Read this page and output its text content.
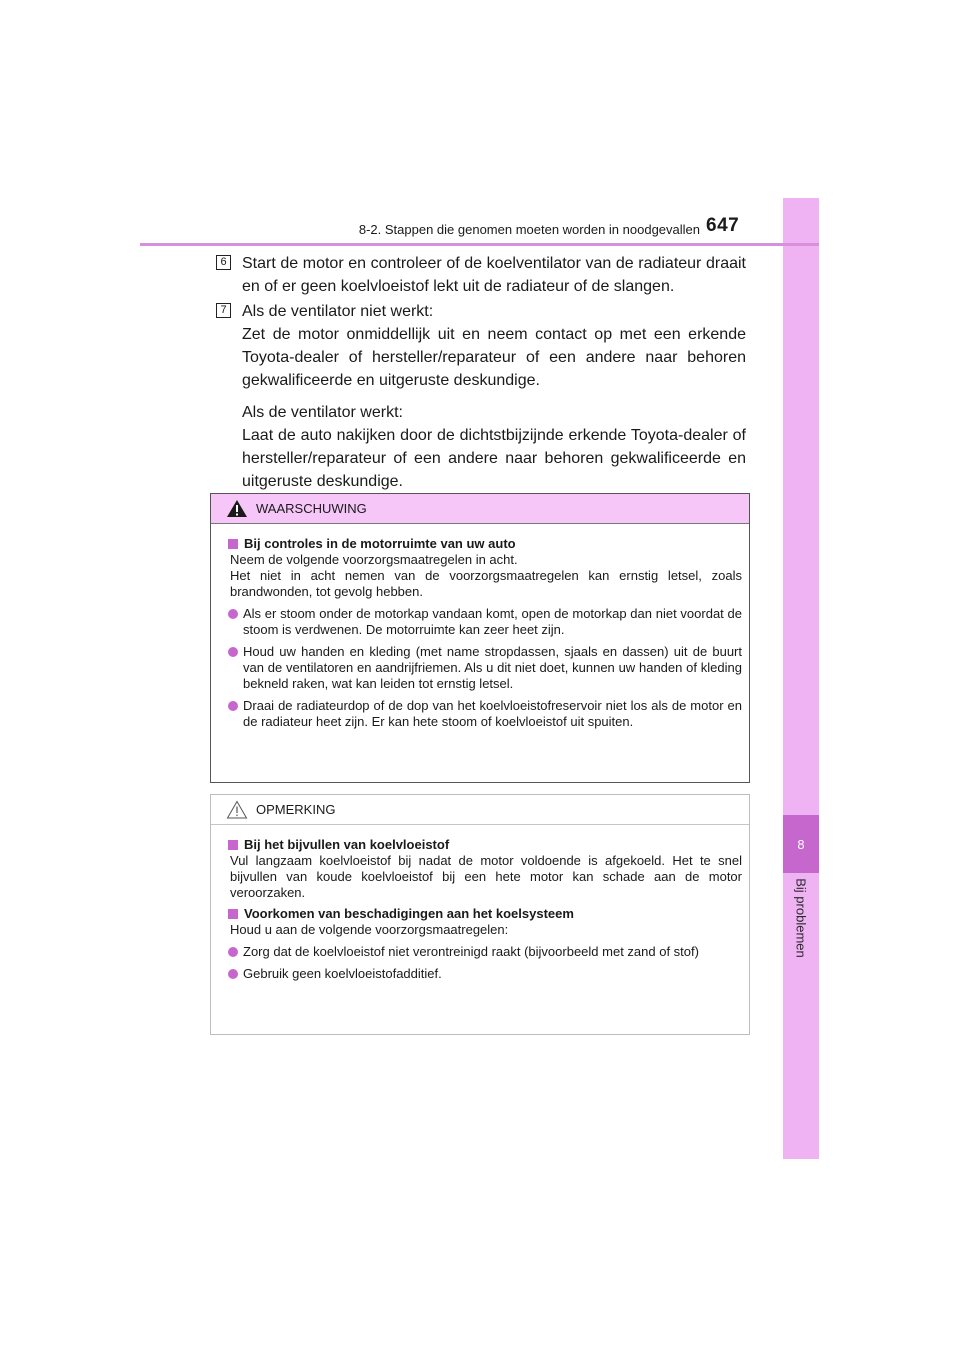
8
Bij problemen
8-2. Stappen die genomen moeten worden in noodgevallen 647
6 Start de motor en controleer of de koelventilator van de radiateur draait en of er geen koelvloeistof lekt uit de radiateur of de slangen.

7 Als de ventilator niet werkt:

Zet de motor onmiddellijk uit en neem contact op met een erkende Toyota-dealer of hersteller/reparateur of een andere naar behoren gekwalificeerde en uitgeruste deskundige.

Als de ventilator werkt:

Laat de auto nakijken door de dichtstbijzijnde erkende Toyota-dealer of hersteller/reparateur of een andere naar behoren gekwalificeerde en uitgeruste deskundige.

WAARSCHUWING
Bij controles in de motorruimte van uw auto
Neem de volgende voorzorgsmaatregelen in acht.
Het niet in acht nemen van de voorzorgsmaatregelen kan ernstig letsel, zoals brandwonden, tot gevolg hebben.
Als er stoom onder de motorkap vandaan komt, open de motorkap dan niet voordat de stoom is verdwenen. De motorruimte kan zeer heet zijn.
Houd uw handen en kleding (met name stropdassen, sjaals en dassen) uit de buurt van de ventilatoren en aandrijfriemen. Als u dit niet doet, kunnen uw handen of kleding bekneld raken, wat kan leiden tot ernstig letsel.
Draai de radiateurdop of de dop van het koelvloeistofreservoir niet los als de motor en de radiateur heet zijn. Er kan hete stoom of koelvloeistof uit spuiten.
OPMERKING
Bij het bijvullen van koelvloeistof
Vul langzaam koelvloeistof bij nadat de motor voldoende is afgekoeld. Het te snel bijvullen van koude koelvloeistof bij een hete motor kan schade aan de motor veroorzaken.
Voorkomen van beschadigingen aan het koelsysteem
Houd u aan de volgende voorzorgsmaatregelen:
Zorg dat de koelvloeistof niet verontreinigd raakt (bijvoorbeeld met zand of stof)
Gebruik geen koelvloeistofadditief.
